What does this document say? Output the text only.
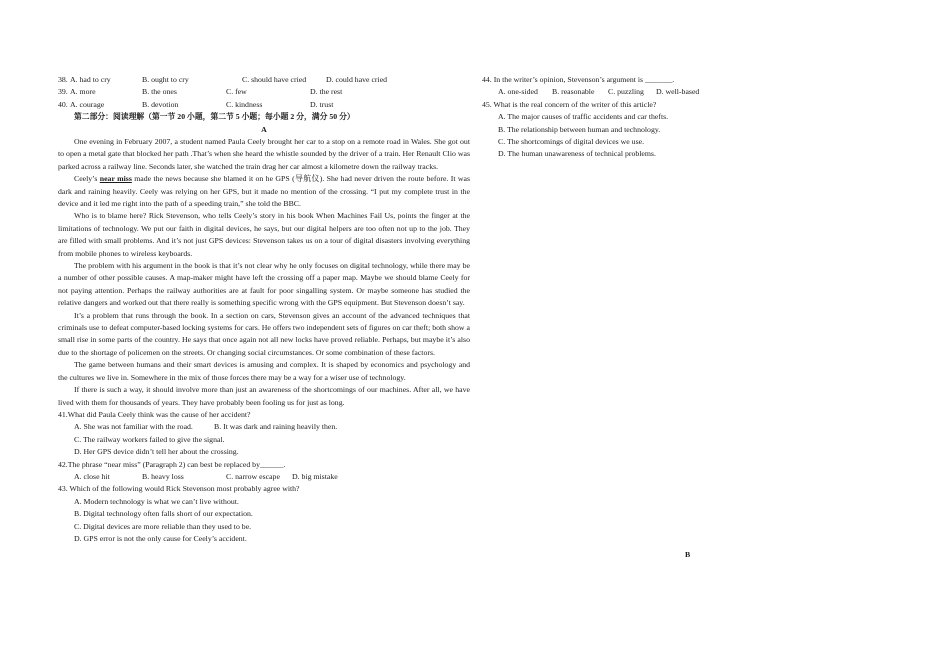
38. A. had to cry	B. ought to cry	C. should have cried	D. could have cried
39. A. more	B. the ones	C. few	D. the rest
40. A. courage	B. devotion	C. kindness	D. trust
第二部分：阅读理解（第一节 20 小题，第二节 5 小题；每小题 2 分，满分 50 分）
A

One evening in February 2007, a student named Paula Ceely brought her car to a stop on a remote road in Wales. She got out to open a metal gate that blocked her path .That’s when she heard the whistle sounded by the driver of a train. Her Renault Clio was parked across a railway line. Seconds later, she watched the train drag her car almost a kilometre down the railway tracks.

Ceely’s near miss made the news because she blamed it on he GPS (导航仪). She had never driven the route before. It was dark and raining heavily. Ceely was relying on her GPS, but it made no mention of the crossing. “I put my complete trust in the device and it led me right into the path of a speeding train,” she told the BBC.

Who is to blame here? Rick Stevenson, who tells Ceely’s story in his book When Machines Fail Us, points the finger at the limitations of technology. We put our faith in digital devices, he says, but our digital helpers are too often not up to the job. They are filled with small problems. And it’s not just GPS devices: Stevenson takes us on a tour of digital disasters involving everything from mobile phones to wireless keyboards.

The problem with his argument in the book is that it’s not clear why he only focuses on digital technology, while there may be a number of other possible causes. A map-maker might have left the crossing off a paper map. Maybe we should blame Ceely for not paying attention. Perhaps the railway authorities are at fault for poor singalling system. Or maybe someone has studied the relative dangers and worked out that there really is something specific wrong with the GPS equipment. But Stevenson doesn’t say.

It’s a problem that runs through the book. In a section on cars, Stevenson gives an account of the advanced techniques that criminals use to defeat computer-based locking systems for cars. He offers two independent sets of figures on car theft; both show a small rise in some parts of the country. He says that once again not all new locks have proved reliable. Perhaps, but maybe it’s also due to the shortage of policemen on the streets. Or changing social circumstances. Or some combination of these factors.

The game between humans and their smart devices is amusing and complex. It is shaped by economics and psychology and the cultures we live in. Somewhere in the mix of those forces there may be a way for a wiser use of technology.

If there is such a way, it should involve more than just an awareness of the shortcomings of our machines. After all, we have lived with them for thousands of years. They have probably been fooling us for just as long.

41.What did Paula Ceely think was the cause of her accident?
A. She was not familiar with the road.	B. It was dark and raining heavily then.
C. The railway workers failed to give the signal.
D. Her GPS device didn’t tell her about the crossing.
42.The phrase “near miss” (Paragraph 2) can best be replaced by______.
A. close hit	B. heavy loss	C. narrow escape D. big mistake
43. Which of the following would Rick Stevenson most probably agree with?
A. Modern technology is what we can’t live without.
B. Digital technology often falls short of our expectation.
C. Digital devices are more reliable than they used to be.
D. GPS error is not the only cause for Ceely’s accident.
44. In the writer’s opinion, Stevenson’s argument is _______.
A. one-sided B. reasonable C. puzzling D. well-based
45. What is the real concern of the writer of this article?
A. The major causes of traffic accidents and car thefts.
B. The relationship between human and technology.
C. The shortcomings of digital devices we use.
D. The human unawareness of technical problems.
B
